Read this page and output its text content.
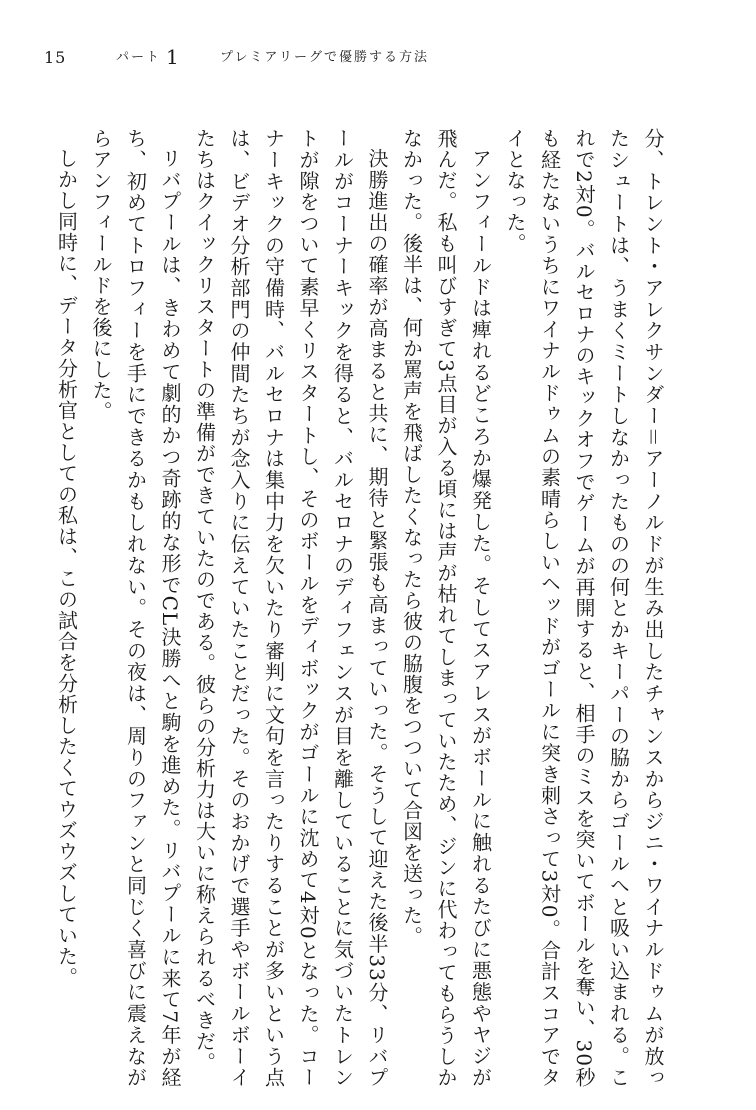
15	パート 1	プレミアリーグで優勝する方法

分、トレント・アレクサンダー＝アーノルドが生み出したチャンスからジニ・ワイナルドゥムが放ったシュートは、うまくミートしなかったものの何とかキーパーの脇からゴールへと吸い込まれる。これで2対0。バルセロナのキックオフでゲームが再開すると、相手のミスを突いてボールを奪い、30秒も経たないうちにワイナルドゥムの素晴らしいヘッドがゴールに突き刺さって3対0。合計スコアでタイとなった。

アンフィールドは痺れるどころか爆発した。そしてスアレスがボールに触れるたびに悪態やヤジが飛んだ。私も叫びすぎて3点目が入る頃には声が枯れてしまっていたため、ジンに代わってもらうしかなかった。後半は、何か罵声を飛ばしたくなったら彼の脇腹をつついて合図を送った。

決勝進出の確率が高まると共に、期待と緊張も高まっていった。そうして迎えた後半33分、リバプールがコーナーキックを得ると、バルセロナのディフェンスが目を離していることに気づいたトレントが隙をついて素早くリスタートし、そのボールをディボックがゴールに沈めて4対0となった。コーナーキックの守備時、バルセロナは集中力を欠いたり審判に文句を言ったりすることが多いという点は、ビデオ分析部門の仲間たちが念入りに伝えていたことだった。そのおかげで選手やボールボーイたちはクイックリスタートの準備ができていたのである。彼らの分析力は大いに称えられるべきだ。

リバプールは、きわめて劇的かつ奇跡的な形でCL決勝へと駒を進めた。リバプールに来て7年が経ち、初めてトロフィーを手にできるかもしれない。その夜は、周りのファンと同じく喜びに震えながらアンフィールドを後にした。

しかし同時に、データ分析官としての私は、この試合を分析したくてウズウズしていた。
